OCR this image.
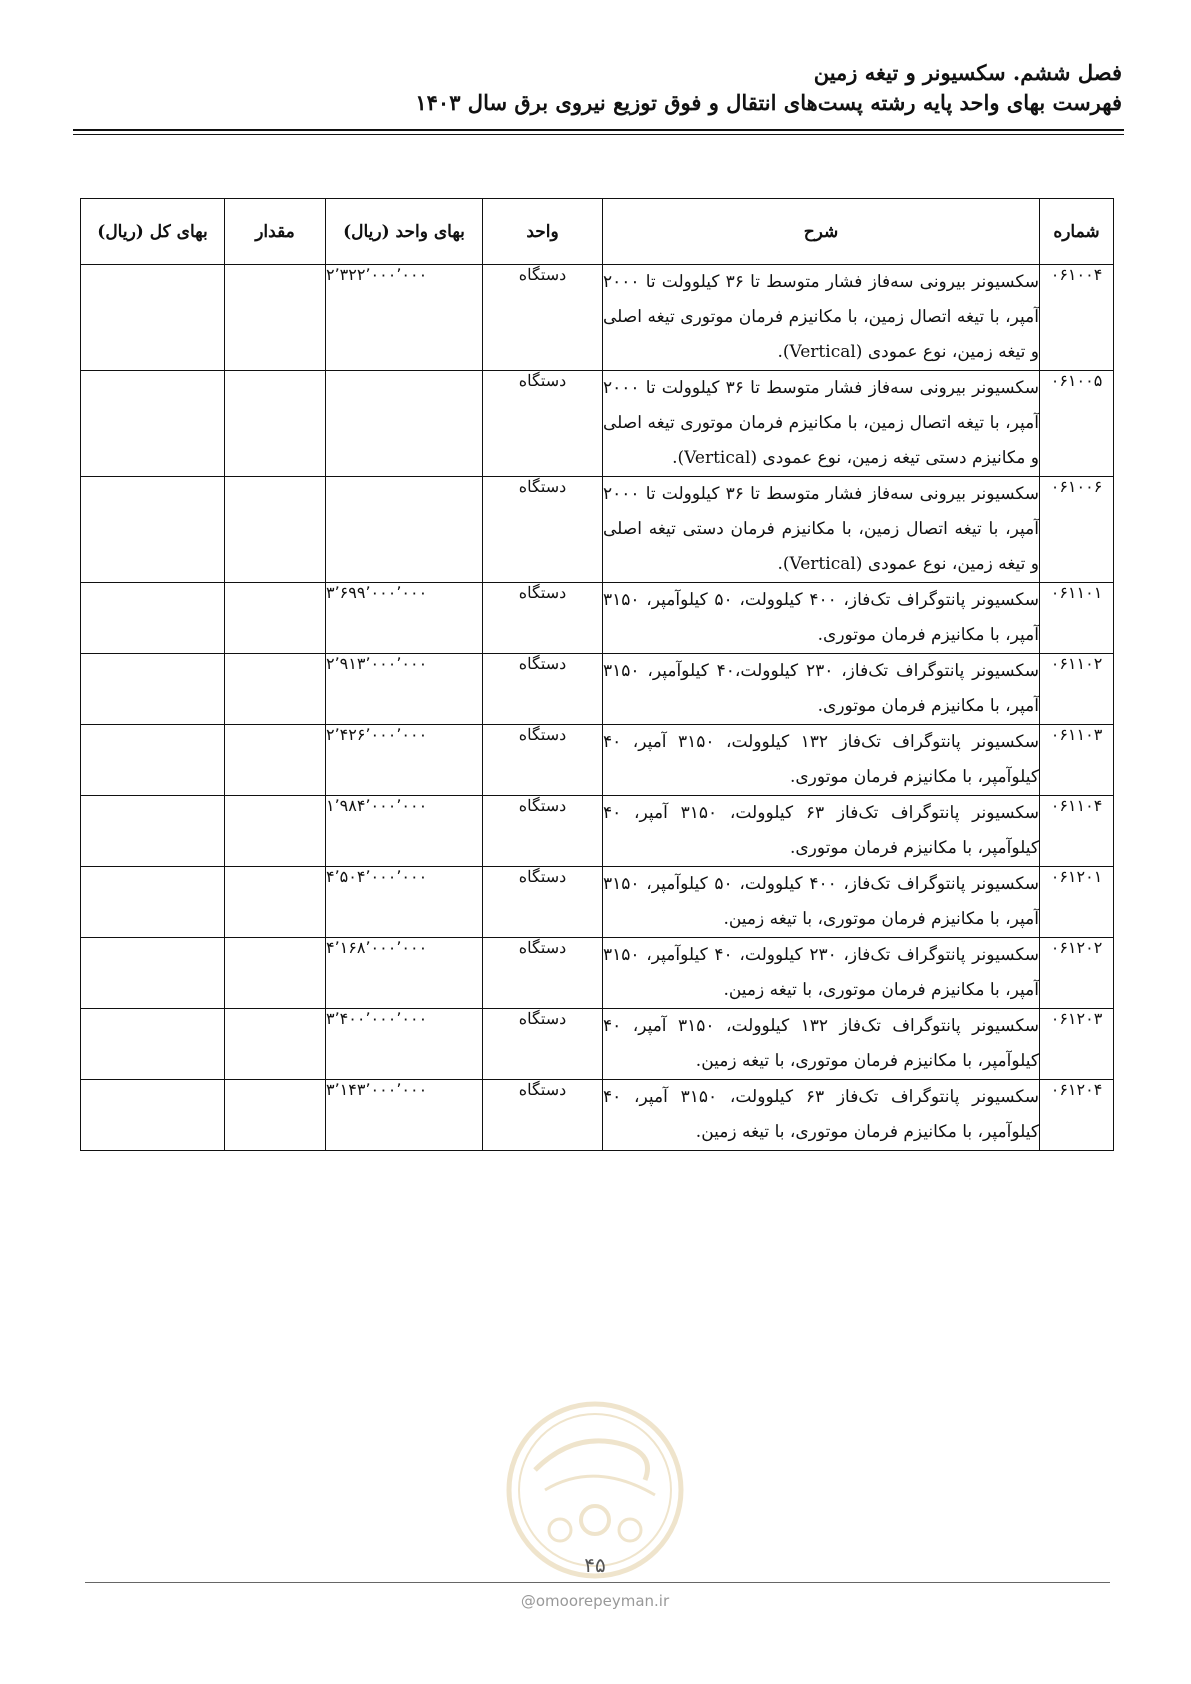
فصل ششم. سکسیونر و تیغه زمین
فهرست بهای واحد پایه رشته پست‌های انتقال و فوق توزیع نیروی برق سال ۱۴۰۳
شماره	شرح	واحد	بهای واحد (ریال)	مقدار	بهای کل (ریال)
۰۶۱۰۰۴	سکسیونر بیرونی سه‌فاز فشار متوسط تا ۳۶ کیلوولت تا ۲۰۰۰ آمپر، با تیغه اتصال زمین، با مکانیزم فرمان موتوری تیغه اصلی و تیغه زمین، نوع عمودی (Vertical).	دستگاه	۲٬۳۲۲٬۰۰۰٬۰۰۰		
۰۶۱۰۰۵	سکسیونر بیرونی سه‌فاز فشار متوسط تا ۳۶ کیلوولت تا ۲۰۰۰ آمپر، با تیغه اتصال زمین، با مکانیزم فرمان موتوری تیغه اصلی و مکانیزم دستی تیغه زمین، نوع عمودی (Vertical).	دستگاه			
۰۶۱۰۰۶	سکسیونر بیرونی سه‌فاز فشار متوسط تا ۳۶ کیلوولت تا ۲۰۰۰ آمپر، با تیغه اتصال زمین، با مکانیزم فرمان دستی تیغه اصلی و تیغه زمین، نوع عمودی (Vertical).	دستگاه			
۰۶۱۱۰۱	سکسیونر پانتوگراف تک‌فاز، ۴۰۰ کیلوولت، ۵۰ کیلوآمپر، ۳۱۵۰ آمپر، با مکانیزم فرمان موتوری.	دستگاه	۳٬۶۹۹٬۰۰۰٬۰۰۰		
۰۶۱۱۰۲	سکسیونر پانتوگراف تک‌فاز، ۲۳۰ کیلوولت،۴۰ کیلوآمپر، ۳۱۵۰ آمپر، با مکانیزم فرمان موتوری.	دستگاه	۲٬۹۱۳٬۰۰۰٬۰۰۰		
۰۶۱۱۰۳	سکسیونر پانتوگراف تک‌فاز ۱۳۲ کیلوولت، ۳۱۵۰ آمپر، ۴۰ کیلوآمپر، با مکانیزم فرمان موتوری.	دستگاه	۲٬۴۲۶٬۰۰۰٬۰۰۰		
۰۶۱۱۰۴	سکسیونر پانتوگراف تک‌فاز ۶۳ کیلوولت، ۳۱۵۰ آمپر، ۴۰ کیلوآمپر، با مکانیزم فرمان موتوری.	دستگاه	۱٬۹۸۴٬۰۰۰٬۰۰۰		
۰۶۱۲۰۱	سکسیونر پانتوگراف تک‌فاز، ۴۰۰ کیلوولت، ۵۰ کیلوآمپر، ۳۱۵۰ آمپر، با مکانیزم فرمان موتوری، با تیغه زمین.	دستگاه	۴٬۵۰۴٬۰۰۰٬۰۰۰		
۰۶۱۲۰۲	سکسیونر پانتوگراف تک‌فاز، ۲۳۰ کیلوولت، ۴۰ کیلوآمپر، ۳۱۵۰ آمپر، با مکانیزم فرمان موتوری، با تیغه زمین.	دستگاه	۴٬۱۶۸٬۰۰۰٬۰۰۰		
۰۶۱۲۰۳	سکسیونر پانتوگراف تک‌فاز ۱۳۲ کیلوولت، ۳۱۵۰ آمپر، ۴۰ کیلوآمپر، با مکانیزم فرمان موتوری، با تیغه زمین.	دستگاه	۳٬۴۰۰٬۰۰۰٬۰۰۰		
۰۶۱۲۰۴	سکسیونر پانتوگراف تک‌فاز ۶۳ کیلوولت، ۳۱۵۰ آمپر، ۴۰ کیلوآمپر، با مکانیزم فرمان موتوری، با تیغه زمین.	دستگاه	۳٬۱۴۳٬۰۰۰٬۰۰۰		
۴۵
@omoorepeyman.ir
